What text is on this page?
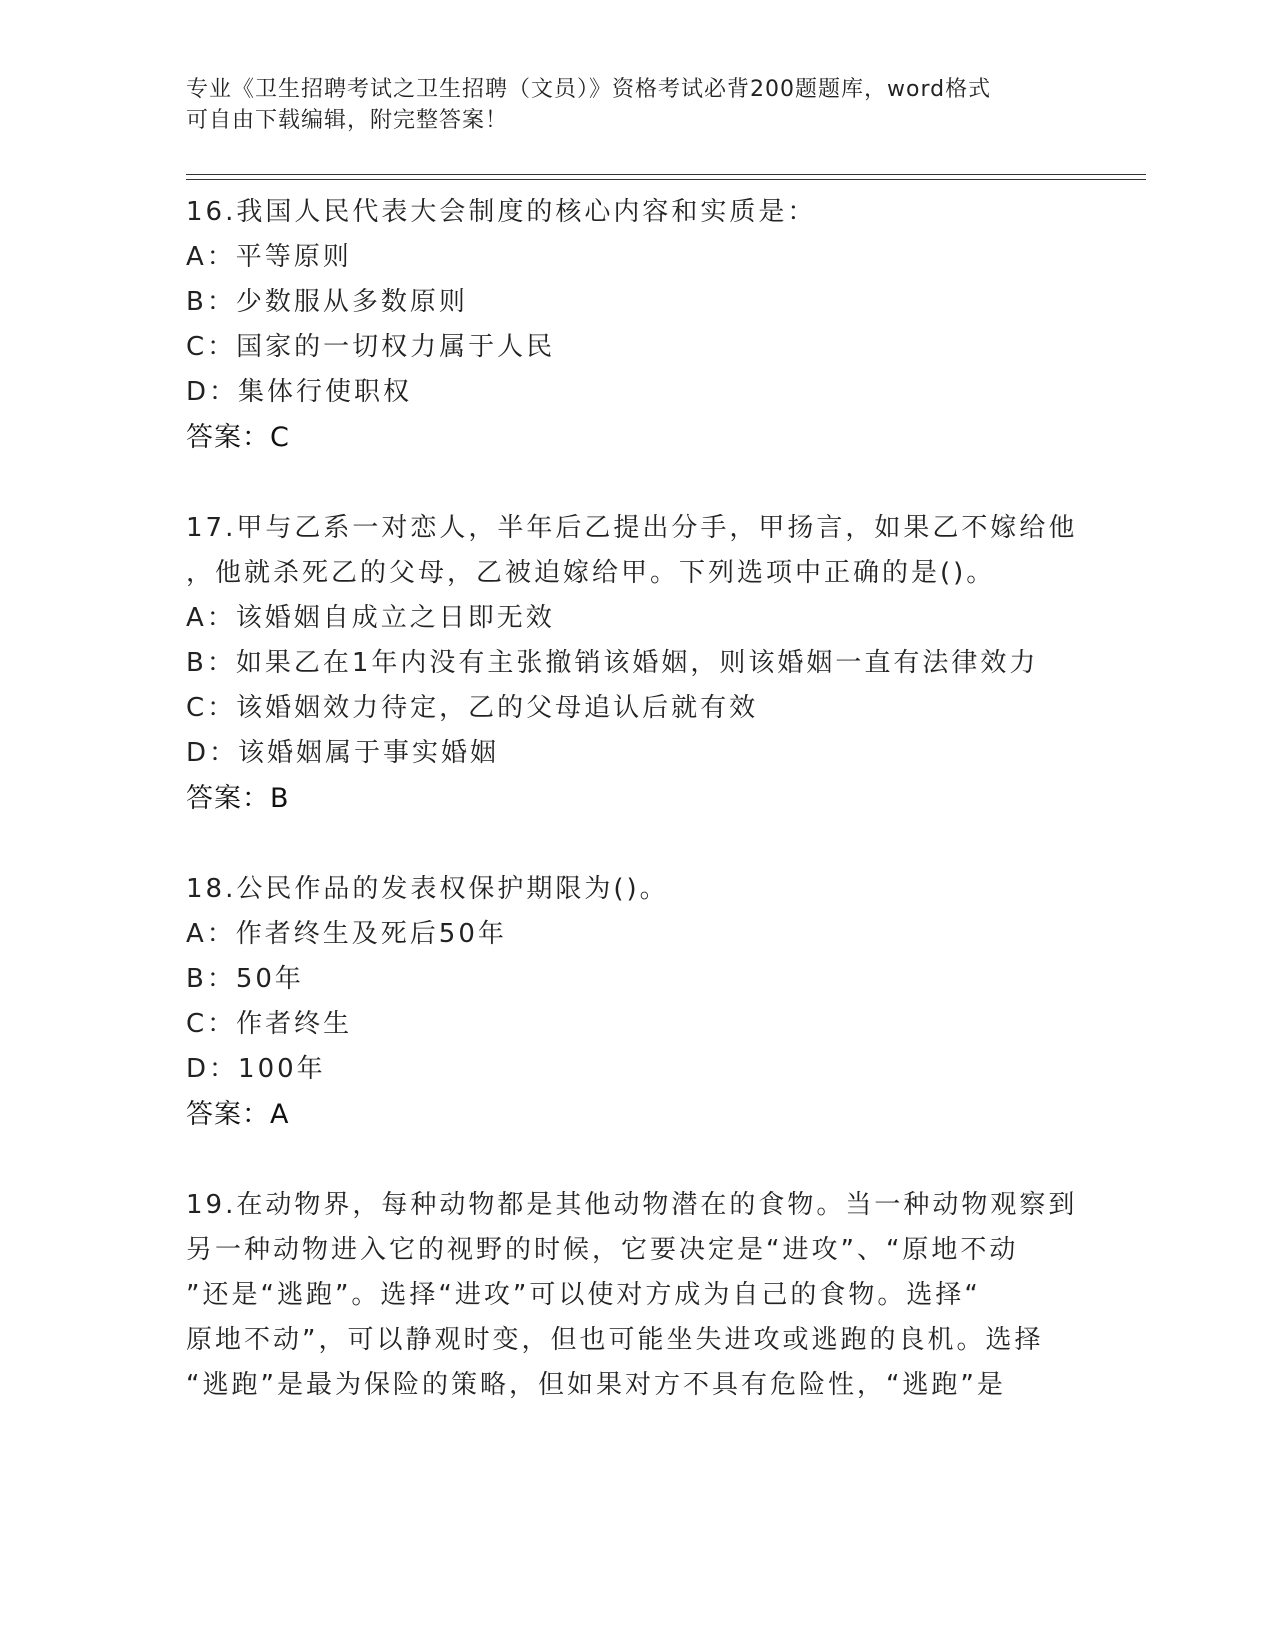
专业《卫生招聘考试之卫生招聘（文员）》资格考试必背200题题库，word格式
可自由下载编辑，附完整答案！
16.我国人民代表大会制度的核心内容和实质是：
A：平等原则
B：少数服从多数原则
C：国家的一切权力属于人民
D：集体行使职权
答案：C
17.甲与乙系一对恋人，半年后乙提出分手，甲扬言，如果乙不嫁给他
，他就杀死乙的父母，乙被迫嫁给甲。下列选项中正确的是()。
A：该婚姻自成立之日即无效
B：如果乙在1年内没有主张撤销该婚姻，则该婚姻一直有法律效力
C：该婚姻效力待定，乙的父母追认后就有效
D：该婚姻属于事实婚姻
答案：B
18.公民作品的发表权保护期限为()。
A：作者终生及死后50年
B：50年
C：作者终生
D：100年
答案：A
19.在动物界，每种动物都是其他动物潜在的食物。当一种动物观察到
另一种动物进入它的视野的时候，它要决定是“进攻”、“原地不动
”还是“逃跑”。选择“进攻”可以使对方成为自己的食物。选择“
原地不动”，可以静观时变，但也可能坐失进攻或逃跑的良机。选择
“逃跑”是最为保险的策略，但如果对方不具有危险性，“逃跑”是
